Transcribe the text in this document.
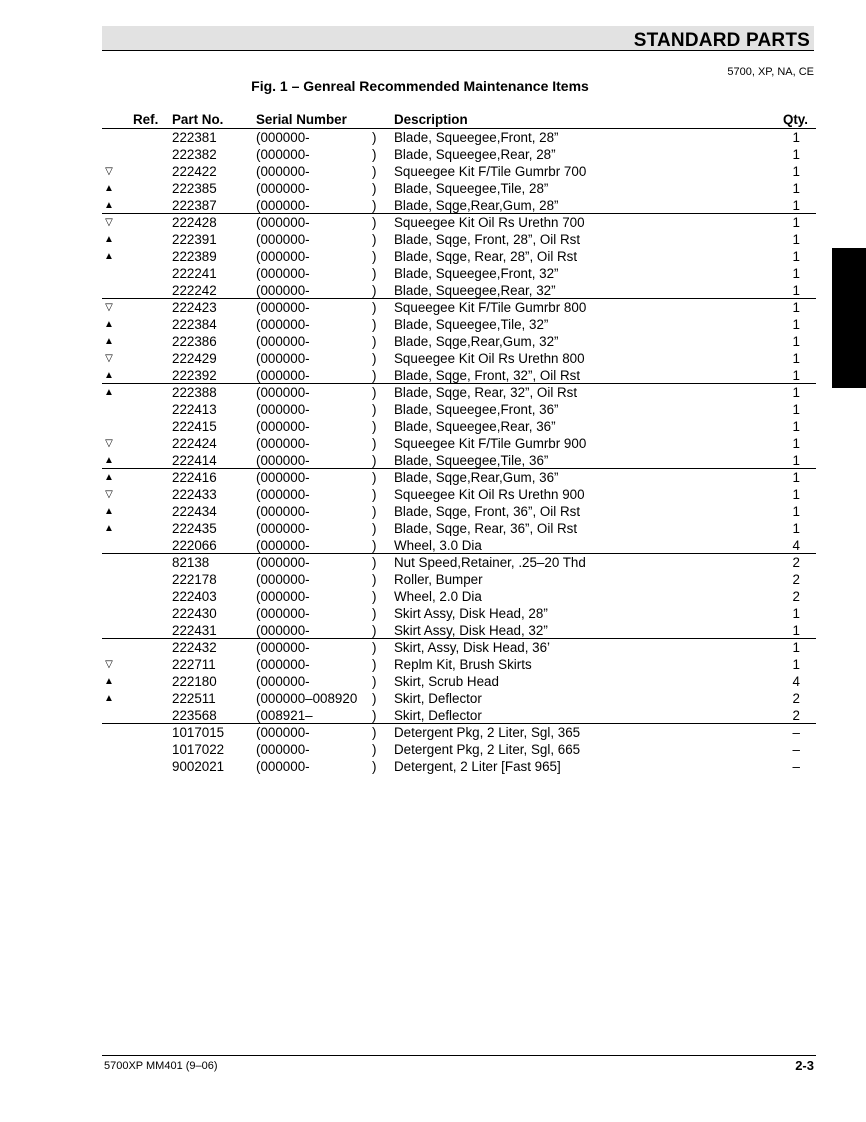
STANDARD PARTS
5700, XP, NA, CE
Fig. 1 – Genreal Recommended Maintenance Items
Ref. Part No. Serial Number	Description	Qty.
222381	(000000-	) Blade, Squeegee,Front, 28”	1
222382	(000000-	) Blade, Squeegee,Rear, 28”	1
▽	222422	(000000-	) Squeegee Kit F/Tile Gumrbr 700	1
▲	222385	(000000-	) Blade, Squeegee,Tile, 28”	1
▲	222387	(000000-	) Blade, Sqge,Rear,Gum, 28”	1
▽	222428	(000000-	) Squeegee Kit Oil Rs Urethn 700	1
▲	222391	(000000-	) Blade, Sqge, Front, 28”, Oil Rst	1
▲	222389	(000000-	) Blade, Sqge, Rear, 28”, Oil Rst	1
222241	(000000-	) Blade, Squeegee,Front, 32”	1
222242	(000000-	) Blade, Squeegee,Rear, 32”	1
▽	222423	(000000-	) Squeegee Kit F/Tile Gumrbr 800	1
▲	222384	(000000-	) Blade, Squeegee,Tile, 32”	1
▲	222386	(000000-	) Blade, Sqge,Rear,Gum, 32”	1
▽	222429	(000000-	) Squeegee Kit Oil Rs Urethn 800	1
▲	222392	(000000-	) Blade, Sqge, Front, 32”, Oil Rst	1
▲	222388	(000000-	) Blade, Sqge, Rear, 32”, Oil Rst	1
222413	(000000-	) Blade, Squeegee,Front, 36”	1
222415	(000000-	) Blade, Squeegee,Rear, 36”	1
▽	222424	(000000-	) Squeegee Kit F/Tile Gumrbr 900	1
▲	222414	(000000-	) Blade, Squeegee,Tile, 36”	1
▲	222416	(000000-	) Blade, Sqge,Rear,Gum, 36”	1
▽	222433	(000000-	) Squeegee Kit Oil Rs Urethn 900	1
▲	222434	(000000-	) Blade, Sqge, Front, 36”, Oil Rst	1
▲	222435	(000000-	) Blade, Sqge, Rear, 36”, Oil Rst	1
222066	(000000-	) Wheel, 3.0 Dia	4
82138	(000000-	) Nut Speed,Retainer, .25–20 Thd	2
222178	(000000-	) Roller, Bumper	2
222403	(000000-	) Wheel, 2.0 Dia	2
222430	(000000-	) Skirt Assy, Disk Head, 28”	1
222431	(000000-	) Skirt Assy, Disk Head, 32”	1
222432	(000000-	) Skirt, Assy, Disk Head, 36’	1
▽	222711	(000000-	) Replm Kit, Brush Skirts	1
▲	222180	(000000-	) Skirt, Scrub Head	4
▲	222511	(000000–008920 ) Skirt, Deflector	2
223568	(008921–	) Skirt, Deflector	2
1017015 (000000-	) Detergent Pkg, 2 Liter, Sgl, 365	–
1017022 (000000-	) Detergent Pkg, 2 Liter, Sgl, 665	–
9002021 (000000-	) Detergent, 2 Liter [Fast 965]	–
5700XP MM401 (9–06)	2-3
